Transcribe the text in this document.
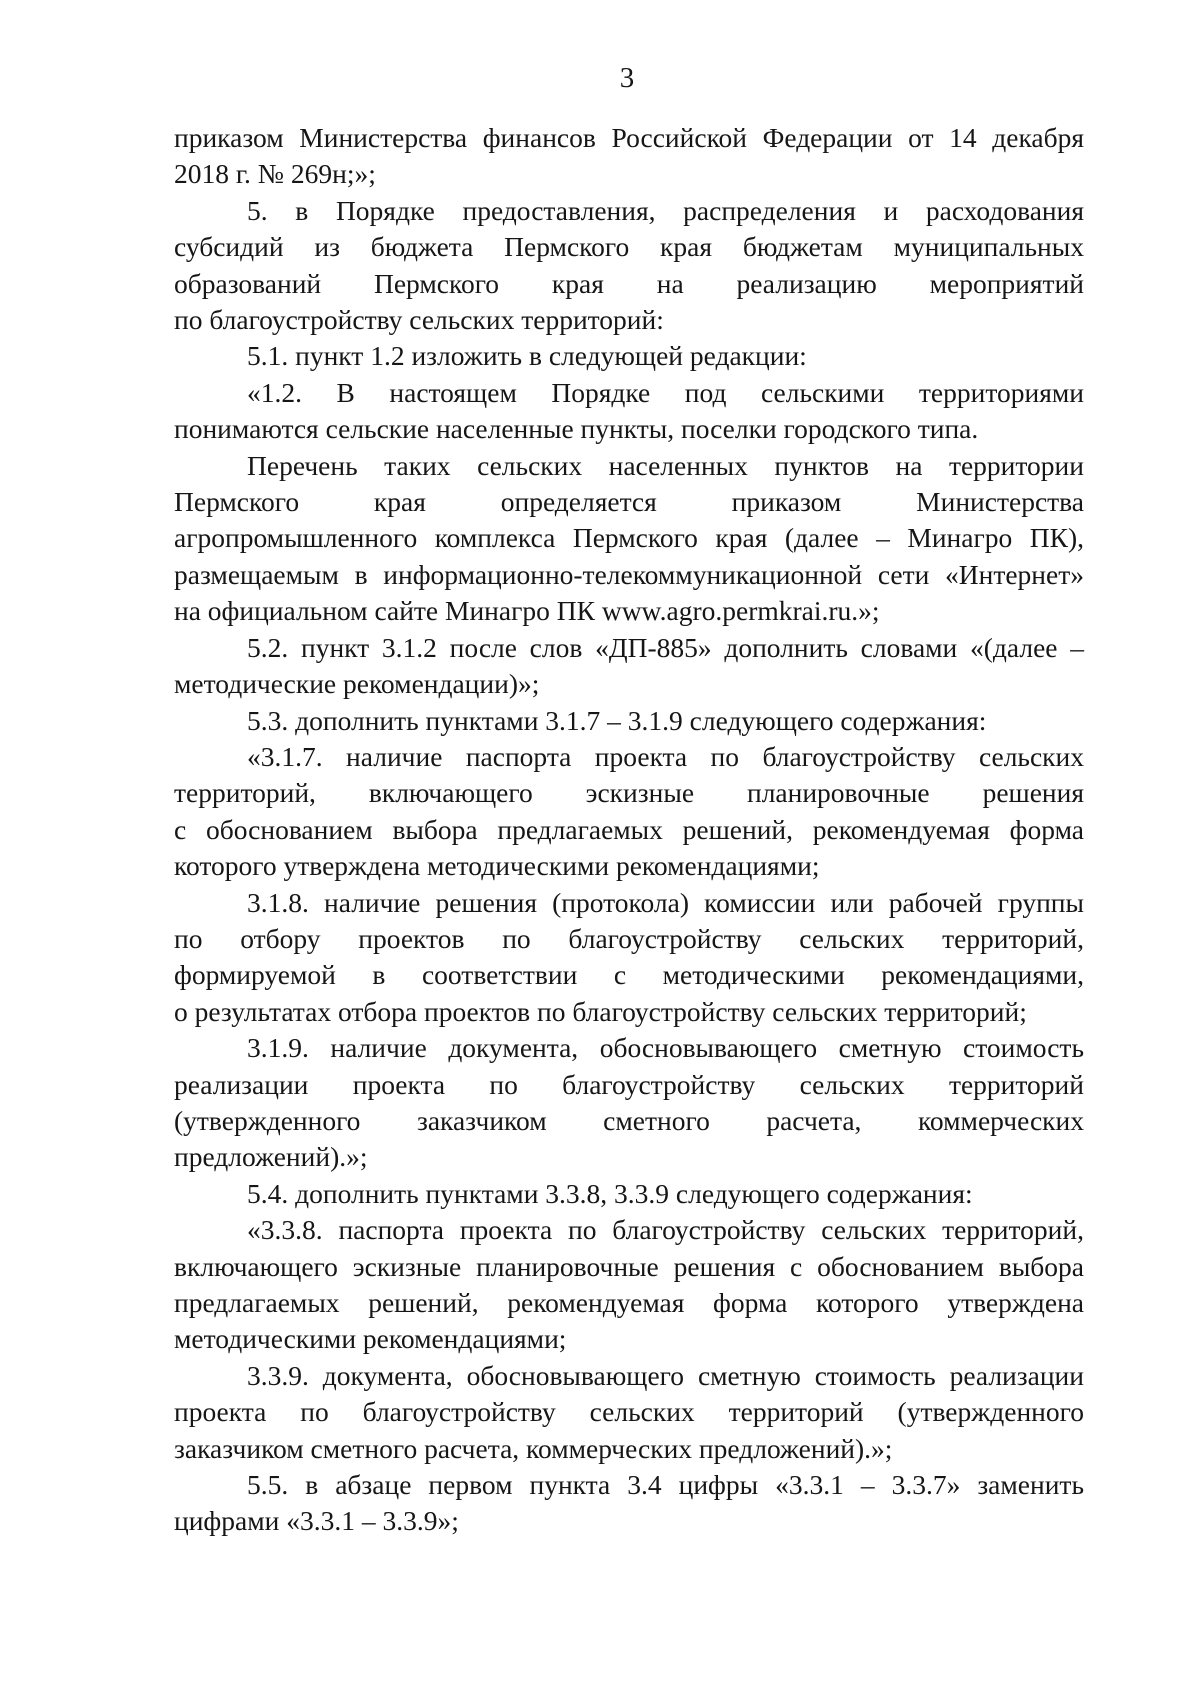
3

приказом Министерства финансов Российской Федерации от 14 декабря

2018 г. № 269н;»;

5. в Порядке предоставления, распределения и расходования

субсидий из бюджета Пермского края бюджетам муниципальных

образований Пермского края на реализацию мероприятий

по благоустройству сельских территорий:

5.1. пункт 1.2 изложить в следующей редакции:

«1.2. В настоящем Порядке под сельскими территориями

понимаются сельские населенные пункты, поселки городского типа.

Перечень таких сельских населенных пунктов на территории

Пермского края определяется приказом Министерства

агропромышленного комплекса Пермского края (далее – Минагро ПК),

размещаемым в информационно-телекоммуникационной сети «Интернет»

на официальном сайте Минагро ПК www.agro.permkrai.ru.»;

5.2. пункт 3.1.2 после слов «ДП-885» дополнить словами «(далее –

методические рекомендации)»;

5.3. дополнить пунктами 3.1.7 – 3.1.9 следующего содержания:

«3.1.7. наличие паспорта проекта по благоустройству сельских

территорий, включающего эскизные планировочные решения

с обоснованием выбора предлагаемых решений, рекомендуемая форма

которого утверждена методическими рекомендациями;

3.1.8. наличие решения (протокола) комиссии или рабочей группы

по отбору проектов по благоустройству сельских территорий,

формируемой в соответствии с методическими рекомендациями,

о результатах отбора проектов по благоустройству сельских территорий;

3.1.9. наличие документа, обосновывающего сметную стоимость

реализации проекта по благоустройству сельских территорий

(утвержденного заказчиком сметного расчета, коммерческих

предложений).»;

5.4. дополнить пунктами 3.3.8, 3.3.9 следующего содержания:

«3.3.8. паспорта проекта по благоустройству сельских территорий,

включающего эскизные планировочные решения с обоснованием выбора

предлагаемых решений, рекомендуемая форма которого утверждена

методическими рекомендациями;

3.3.9. документа, обосновывающего сметную стоимость реализации

проекта по благоустройству сельских территорий (утвержденного

заказчиком сметного расчета, коммерческих предложений).»;

5.5. в абзаце первом пункта 3.4 цифры «3.3.1 – 3.3.7» заменить

цифрами «3.3.1 – 3.3.9»;
